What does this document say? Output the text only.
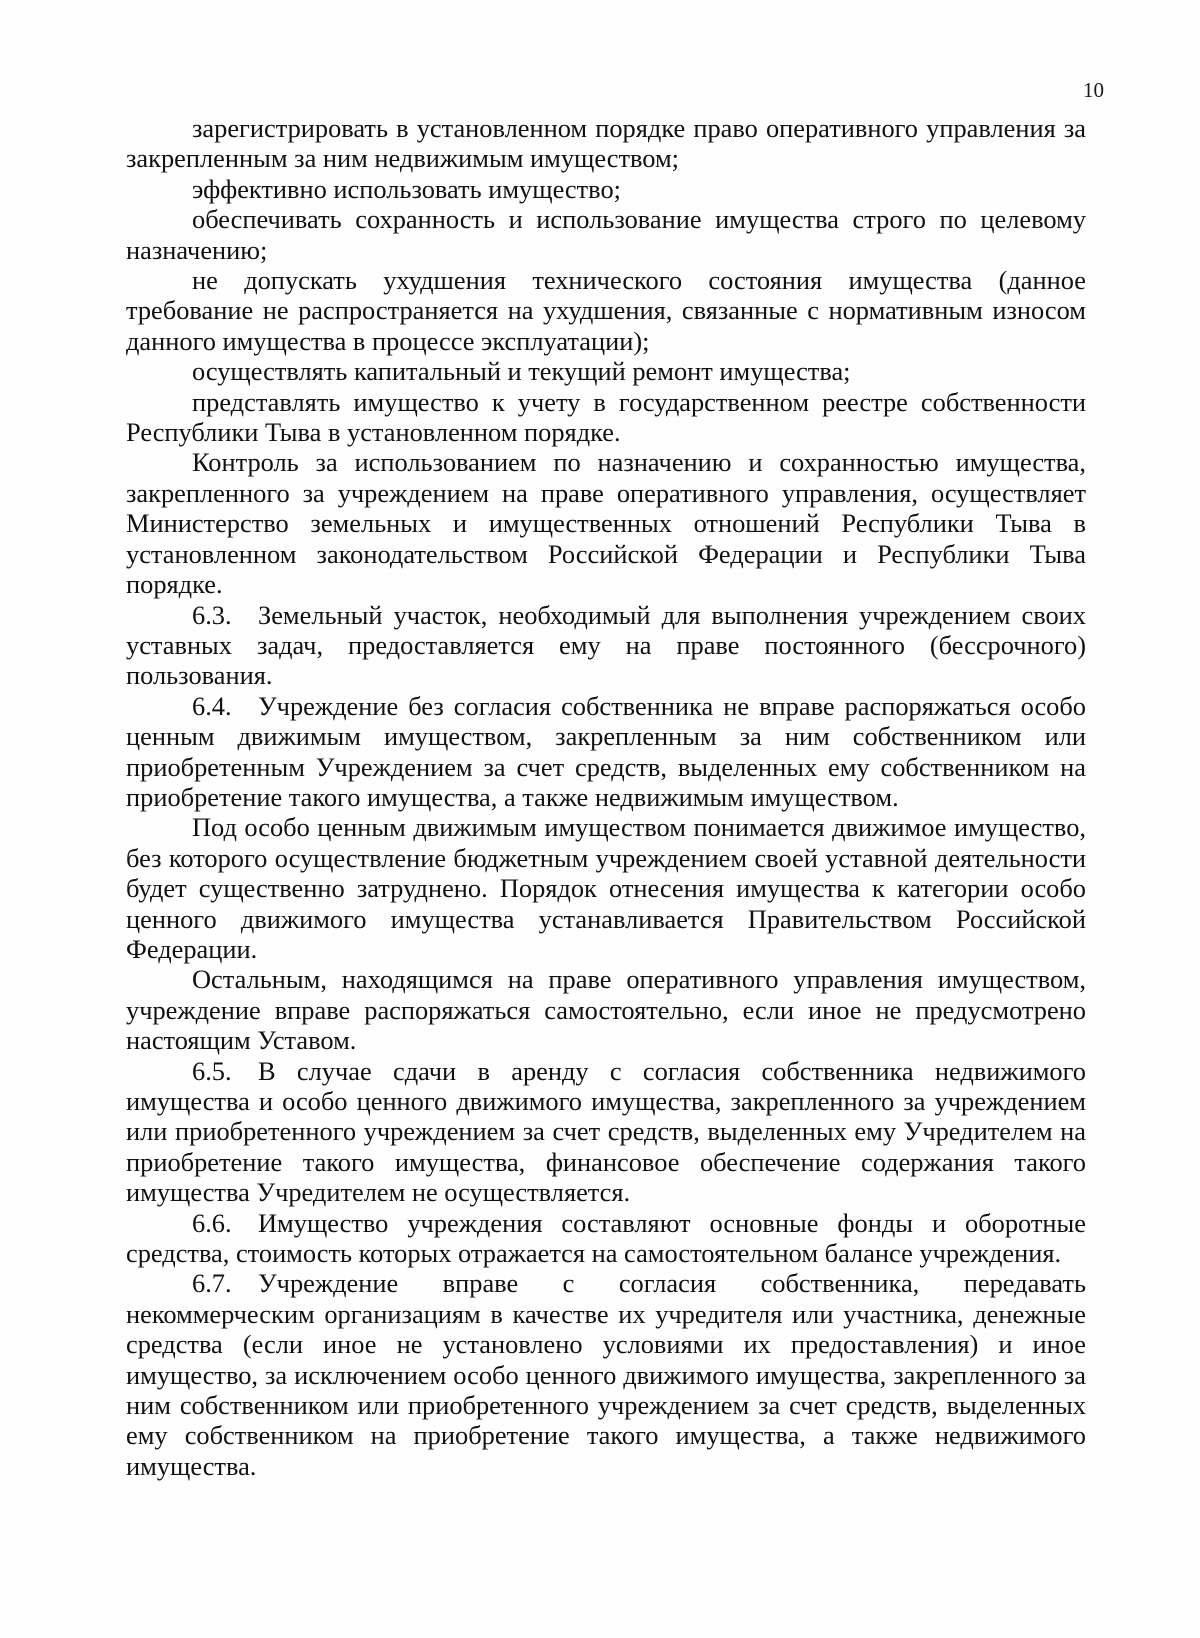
10

зарегистрировать в установленном порядке право оперативного управления за закрепленным за ним недвижимым имуществом;

эффективно использовать имущество;

обеспечивать сохранность и использование имущества строго по целевому назначению;

не допускать ухудшения технического состояния имущества (данное требование не распространяется на ухудшения, связанные с нормативным износом данного имущества в процессе эксплуатации);

осуществлять капитальный и текущий ремонт имущества;

представлять имущество к учету в государственном реестре собственности Республики Тыва в установленном порядке.

Контроль за использованием по назначению и сохранностью имущества, закрепленного за учреждением на праве оперативного управления, осуществляет Министерство земельных и имущественных отношений Республики Тыва в установленном законодательством Российской Федерации и Республики Тыва порядке.

6.3. Земельный участок, необходимый для выполнения учреждением своих уставных задач, предоставляется ему на праве постоянного (бессрочного) пользования.

6.4. Учреждение без согласия собственника не вправе распоряжаться особо ценным движимым имуществом, закрепленным за ним собственником или приобретенным Учреждением за счет средств, выделенных ему собственником на приобретение такого имущества, а также недвижимым имуществом.

Под особо ценным движимым имуществом понимается движимое имущество, без которого осуществление бюджетным учреждением своей уставной деятельности будет существенно затруднено. Порядок отнесения имущества к категории особо ценного движимого имущества устанавливается Правительством Российской Федерации.

Остальным, находящимся на праве оперативного управления имуществом, учреждение вправе распоряжаться самостоятельно, если иное не предусмотрено настоящим Уставом.

6.5. В случае сдачи в аренду с согласия собственника недвижимого имущества и особо ценного движимого имущества, закрепленного за учреждением или приобретенного учреждением за счет средств, выделенных ему Учредителем на приобретение такого имущества, финансовое обеспечение содержания такого имущества Учредителем не осуществляется.

6.6. Имущество учреждения составляют основные фонды и оборотные средства, стоимость которых отражается на самостоятельном балансе учреждения.

6.7. Учреждение вправе с согласия собственника, передавать некоммерческим организациям в качестве их учредителя или участника, денежные средства (если иное не установлено условиями их предоставления) и иное имущество, за исключением особо ценного движимого имущества, закрепленного за ним собственником или приобретенного учреждением за счет средств, выделенных ему собственником на приобретение такого имущества, а также недвижимого имущества.
